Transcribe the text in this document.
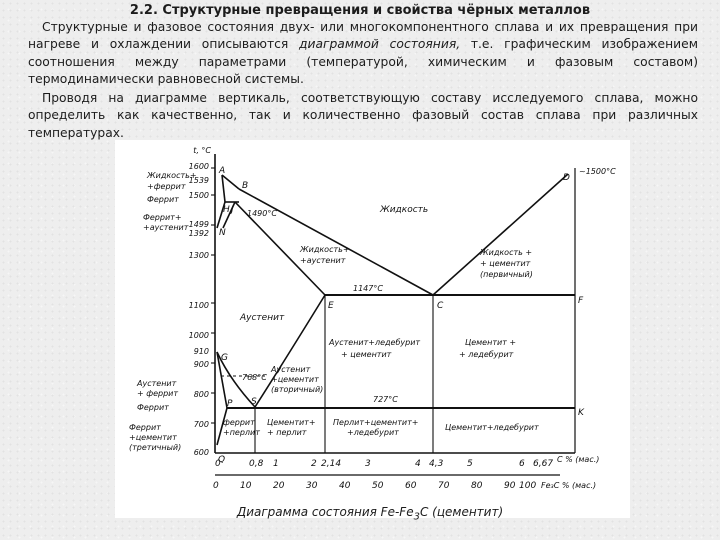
2.2. Структурные превращения и свойства чёрных металлов
Структурные и фазовое состояния двух- или многокомпонентного сплава и их превращения при нагреве и охлаждении описываются диаграммой состояния, т.е. графическим изображением соотношения между параметрами (температурой, химическим и фазовым составом) термодинамически равновесной системы.
Проводя на диаграмме вертикаль, соответствующую составу исследуемого сплава, можно определить как качественно, так и количественно фазовый состав сплава при различных температурах.
t, °C
1600
1539
1500
1499
1392
1300
1100
1000
910
900
800
700
600
A
B
H J
N
D
E	C	F
G
P S
K
Q
~1500°C
1490°C
1147°C
768°C
727°C
Жидкость
Жидкость+
+феррит
Феррит
Феррит+
+аустенит
Жидкость+
+аустенит
Жидкость +
+ цементит
(первичный)
Аустенит
Аустенит+ледебурит
+ цементит
Цементит +
+ ледебурит
Аустенит
+ феррит
Феррит
Аустенит
+цементит
(вторичный)
Феррит
+цементит
(третичный)
феррит
+перлит
Цементит+
+ перлит
Перлит+цементит+
+ледебурит
Цементит+ледебурит
0	0,8 1	2 2,14	3	4 4,3	5	6 6,67 С % (мас.)
0 10 20 30 40 50 60 70 80 90 100 Fe₃C % (мас.)
Диаграмма состояния $Fe-Fe_3С$ (цементит)
